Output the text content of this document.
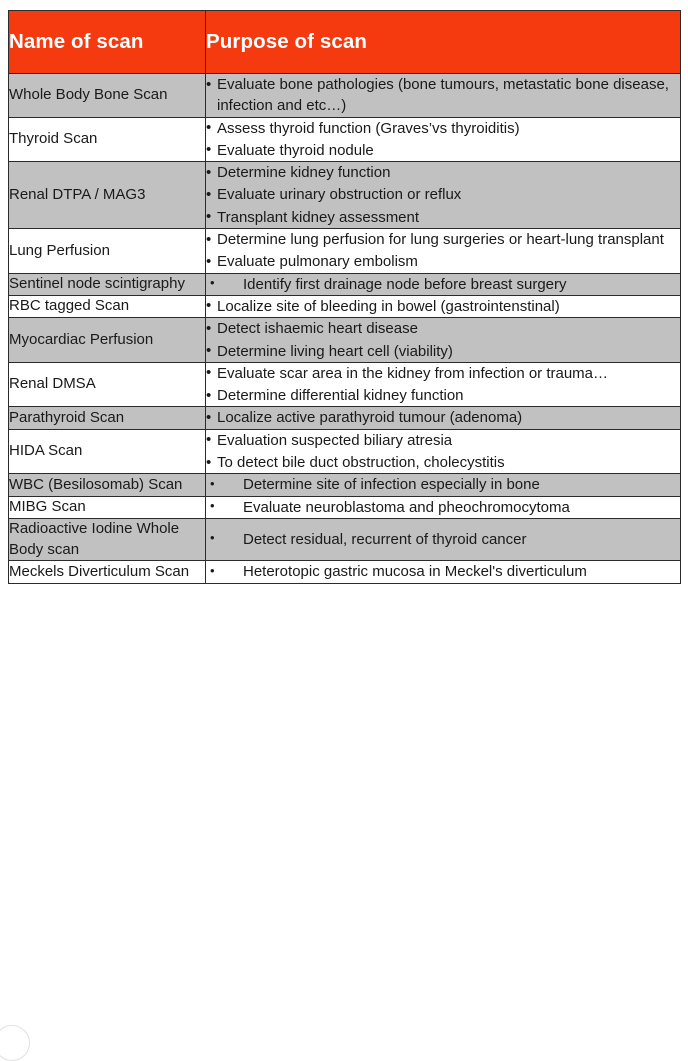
Name of scan	Purpose of scan
Whole Body Bone Scan	
• Evaluate bone pathologies (bone tumours, metastatic bone disease, infection and etc…)

Thyroid Scan	
• Assess thyroid function (Graves’vs thyroiditis)
• Evaluate thyroid nodule

Renal DTPA / MAG3	
• Determine kidney function
• Evaluate urinary obstruction or reflux
• Transplant kidney assessment

Lung Perfusion	
• Determine lung perfusion for lung surgeries or heart-lung transplant
• Evaluate pulmonary embolism

Sentinel node scintigraphy	
•Identify first drainage node before breast surgery

RBC tagged Scan	
•Localize site of bleeding in bowel (gastrointenstinal)

Myocardiac Perfusion	
• Detect ishaemic heart disease
• Determine living heart cell (viability)

Renal DMSA	
• Evaluate scar area in the kidney from infection or trauma…
• Determine differential kidney function

Parathyroid Scan	
•Localize active parathyroid tumour (adenoma)

HIDA Scan	
• Evaluation suspected biliary atresia
• To detect bile duct obstruction, cholecystitis

WBC (Besilosomab) Scan	
•Determine site of infection especially in bone

MIBG Scan	
•Evaluate neuroblastoma and pheochromocytoma

Radioactive Iodine Whole Body scan	
• Detect residual, recurrent of thyroid cancer

Meckels Diverticulum Scan	
•Heterotopic gastric mucosa in Meckel's diverticulum
